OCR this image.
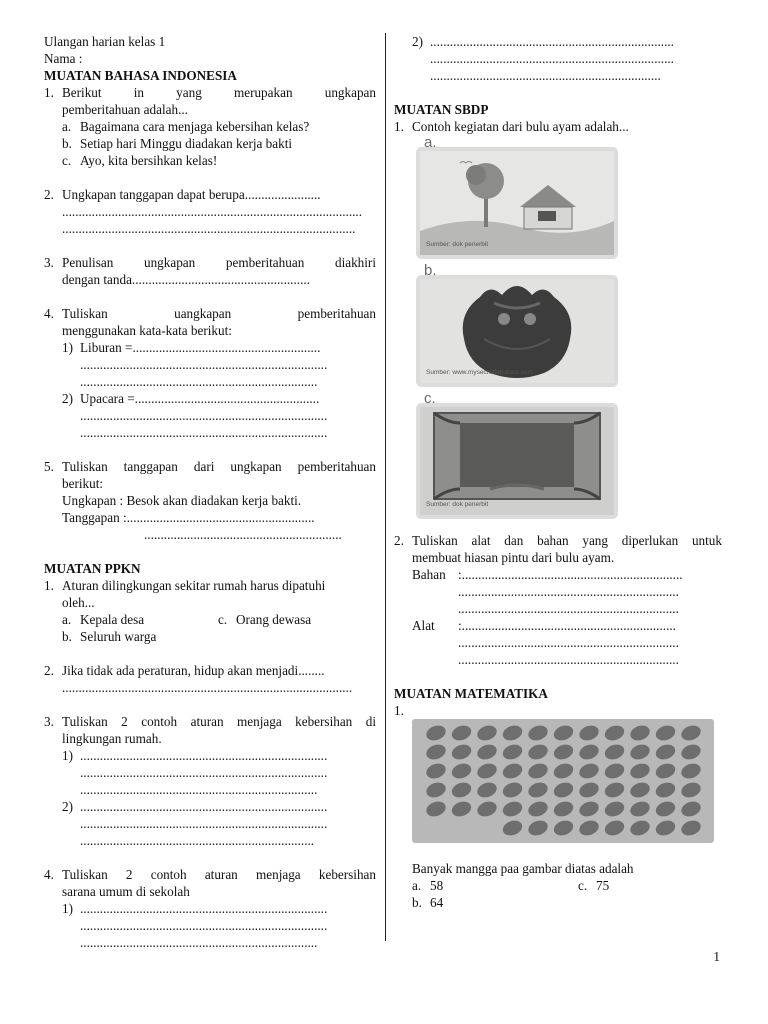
Ulangan harian kelas 1
Nama :
MUATAN BAHASA INDONESIA
1. Berikut in yang merupakan ungkapan
pemberitahuan adalah...
a. Bagaimana cara menjaga kebersihan kelas?
b. Setiap hari Minggu diadakan kerja bakti
c. Ayo, kita bersihkan kelas!
2. Ungkapan tanggapan dapat berupa.......................
...........................................................................................
.........................................................................................
3. Penulisan ungkapan pemberitahuan diakhiri
dengan tanda......................................................
4. Tuliskan uangkapan pemberitahuan
menggunakan kata-kata berikut:
1) Liburan =.........................................................
...........................................................................
........................................................................
2) Upacara =........................................................
...........................................................................
...........................................................................
5. Tuliskan tanggapan dari ungkapan pemberitahuan
berikut:
Ungkapan : Besok akan diadakan kerja bakti.
Tanggapan :.........................................................
............................................................
MUATAN PPKN
1. Aturan dilingkungan sekitar rumah harus dipatuhi
oleh...
a. Kepala desa	c. Orang dewasa
b. Seluruh warga
2. Jika tidak ada peraturan, hidup akan menjadi........
........................................................................................
3. Tuliskan 2 contoh aturan menjaga kebersihan di
lingkungan rumah.
1) ...........................................................................
...........................................................................
........................................................................
2) ...........................................................................
...........................................................................
.......................................................................
4. Tuliskan 2 contoh aturan menjaga kebersihan
sarana umum di sekolah
1) ...........................................................................
...........................................................................
........................................................................
2) ..........................................................................
..........................................................................
......................................................................
MUATAN SBDP
1. Contoh kegiatan dari bulu ayam adalah...
a.
Sumber: dok penerbit
b.
Sumber: www.mysecretfabulous.com
c.
Sumber: dok penerbit
2. Tuliskan alat dan bahan yang diperlukan untuk
membuat hiasan pintu dari bulu ayam.
Bahan :...................................................................
...................................................................
...................................................................
Alat	:.................................................................
...................................................................
...................................................................
MUATAN MATEMATIKA
1.
Banyak mangga paa gambar diatas adalah
a. 58	c. 75
b. 64
1
